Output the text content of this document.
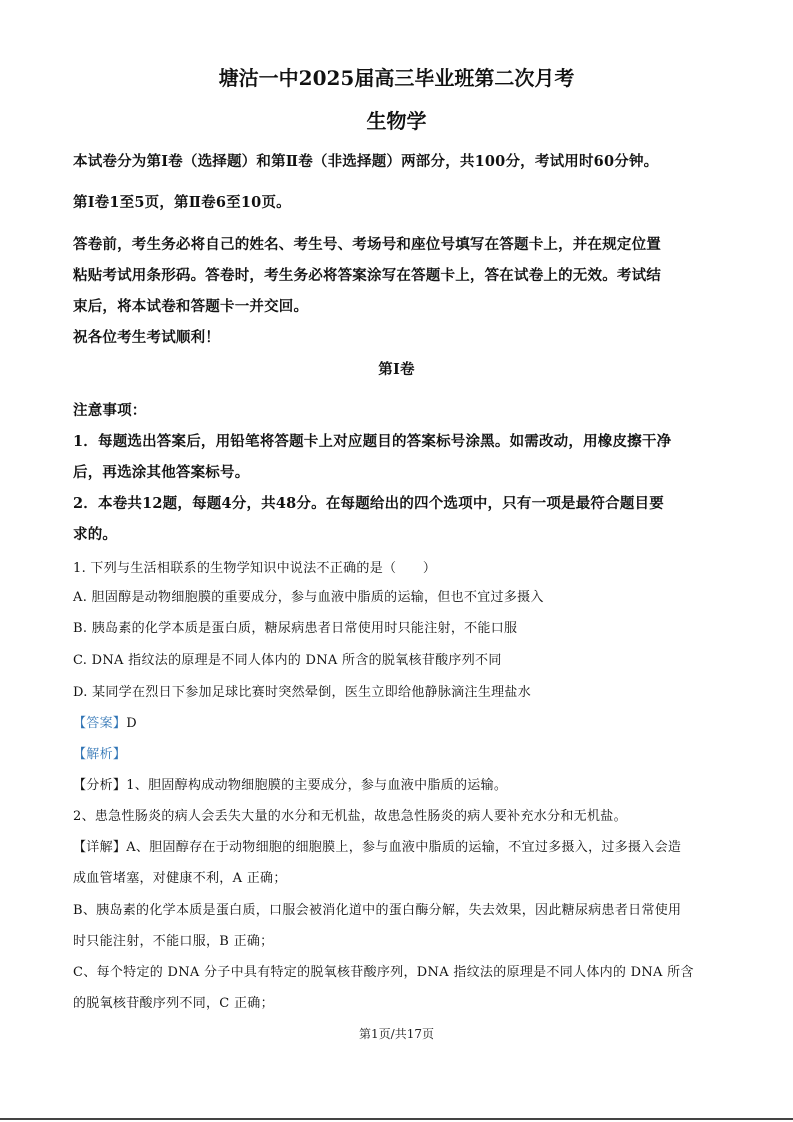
塘沽一中2025届高三毕业班第二次月考
生物学
本试卷分为第Ⅰ卷（选择题）和第Ⅱ卷（非选择题）两部分，共100分，考试用时60分钟。
第Ⅰ卷1至5页，第Ⅱ卷6至10页。
答卷前，考生务必将自己的姓名、考生号、考场号和座位号填写在答题卡上，并在规定位置
粘贴考试用条形码。答卷时，考生务必将答案涂写在答题卡上，答在试卷上的无效。考试结
束后，将本试卷和答题卡一并交回。
祝各位考生考试顺利！
第Ⅰ卷
注意事项：
1．每题选出答案后，用铅笔将答题卡上对应题目的答案标号涂黑。如需改动，用橡皮擦干净
后，再选涂其他答案标号。
2．本卷共12题，每题4分，共48分。在每题给出的四个选项中，只有一项是最符合题目要
求的。
1. 下列与生活相联系的生物学知识中说法不正确的是（　　）
A. 胆固醇是动物细胞膜的重要成分，参与血液中脂质的运输，但也不宜过多摄入
B. 胰岛素的化学本质是蛋白质，糖尿病患者日常使用时只能注射，不能口服
C. DNA 指纹法的原理是不同人体内的 DNA 所含的脱氧核苷酸序列不同
D. 某同学在烈日下参加足球比赛时突然晕倒，医生立即给他静脉滴注生理盐水
【答案】D
【解析】
【分析】1、胆固醇构成动物细胞膜的主要成分，参与血液中脂质的运输。
2、患急性肠炎的病人会丢失大量的水分和无机盐，故患急性肠炎的病人要补充水分和无机盐。
【详解】A、胆固醇存在于动物细胞的细胞膜上，参与血液中脂质的运输，不宜过多摄入，过多摄入会造
成血管堵塞，对健康不利，A 正确；
B、胰岛素的化学本质是蛋白质，口服会被消化道中的蛋白酶分解，失去效果，因此糖尿病患者日常使用
时只能注射，不能口服，B 正确；
C、每个特定的 DNA 分子中具有特定的脱氧核苷酸序列，DNA 指纹法的原理是不同人体内的 DNA 所含
的脱氧核苷酸序列不同，C 正确；
第1页/共17页
